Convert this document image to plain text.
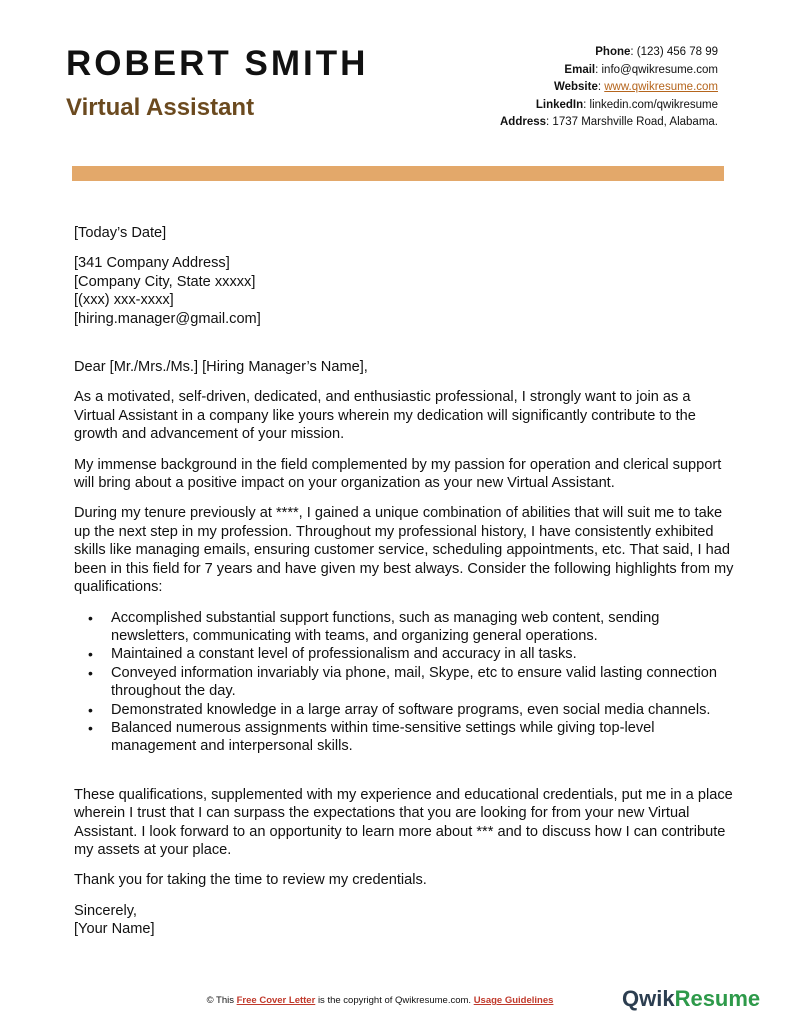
ROBERT SMITH
Virtual Assistant
Phone: (123) 456 78 99
Email: info@qwikresume.com
Website: www.qwikresume.com
LinkedIn: linkedin.com/qwikresume
Address: 1737 Marshville Road, Alabama.

[Today’s Date]

[341 Company Address]

[Company City, State xxxxx]

[(xxx) xxx-xxxx]

[hiring.manager@gmail.com]

Dear [Mr./Mrs./Ms.] [Hiring Manager’s Name],

As a motivated, self-driven, dedicated, and enthusiastic professional, I strongly want to join as a Virtual Assistant in a company like yours wherein my dedication will significantly contribute to the growth and advancement of your mission.

My immense background in the field complemented by my passion for operation and clerical support will bring about a positive impact on your organization as your new Virtual Assistant.

During my tenure previously at ****, I gained a unique combination of abilities that will suit me to take up the next step in my profession. Throughout my professional history, I have consistently exhibited skills like managing emails, ensuring customer service, scheduling appointments, etc. That said, I had been in this field for 7 years and have given my best always. Consider the following highlights from my qualifications:

• Accomplished substantial support functions, such as managing web content, sending newsletters, communicating with teams, and organizing general operations.
• Maintained a constant level of professionalism and accuracy in all tasks.
• Conveyed information invariably via phone, mail, Skype, etc to ensure valid lasting connection throughout the day.
• Demonstrated knowledge in a large array of software programs, even social media channels.
• Balanced numerous assignments within time-sensitive settings while giving top-level management and interpersonal skills.

These qualifications, supplemented with my experience and educational credentials, put me in a place wherein I trust that I can surpass the expectations that you are looking for from your new Virtual Assistant. I look forward to an opportunity to learn more about *** and to discuss how I can contribute my assets at your place.

Thank you for taking the time to review my credentials.

Sincerely,

[Your Name]

© This Free Cover Letter is the copyright of Qwikresume.com. Usage Guidelines	QwikResume
